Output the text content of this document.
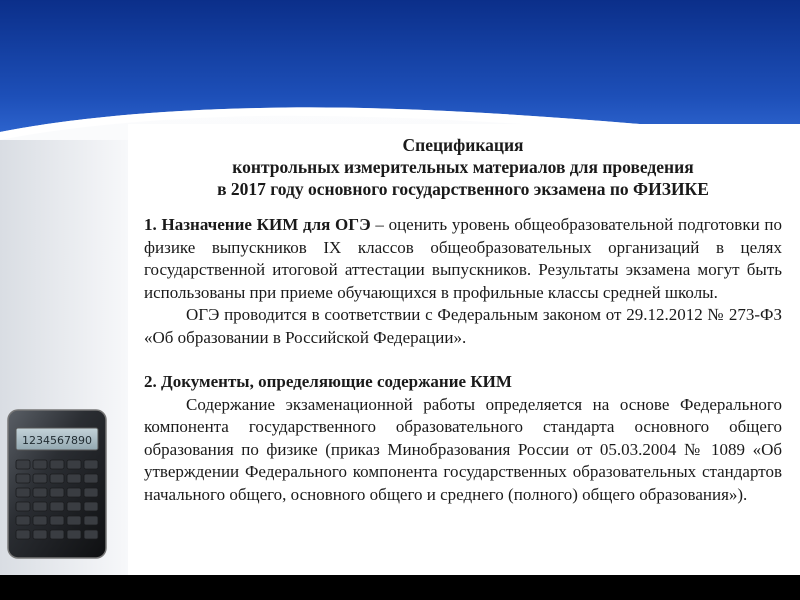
1234567890
Спецификация
контрольных измерительных материалов для проведения
в 2017 году основного государственного экзамена по ФИЗИКЕ

1. Назначение КИМ для ОГЭ – оценить уровень общеобразовательной подготовки по физике выпускников IX классов общеобразовательных организаций в целях государственной итоговой аттестации выпускников. Результаты экзамена могут быть использованы при приеме обучающихся в профильные классы средней школы.

ОГЭ проводится в соответствии с Федеральным законом от 29.12.2012 № 273-ФЗ «Об образовании в Российской Федерации».

2. Документы, определяющие содержание КИМ

Содержание экзаменационной работы определяется на основе Федерального компонента государственного образовательного стандарта основного общего образования по физике (приказ Минобразования России от 05.03.2004 № 1089 «Об утверждении Федерального компонента государственных образовательных стандартов начального общего, основного общего и среднего (полного) общего образования»).
